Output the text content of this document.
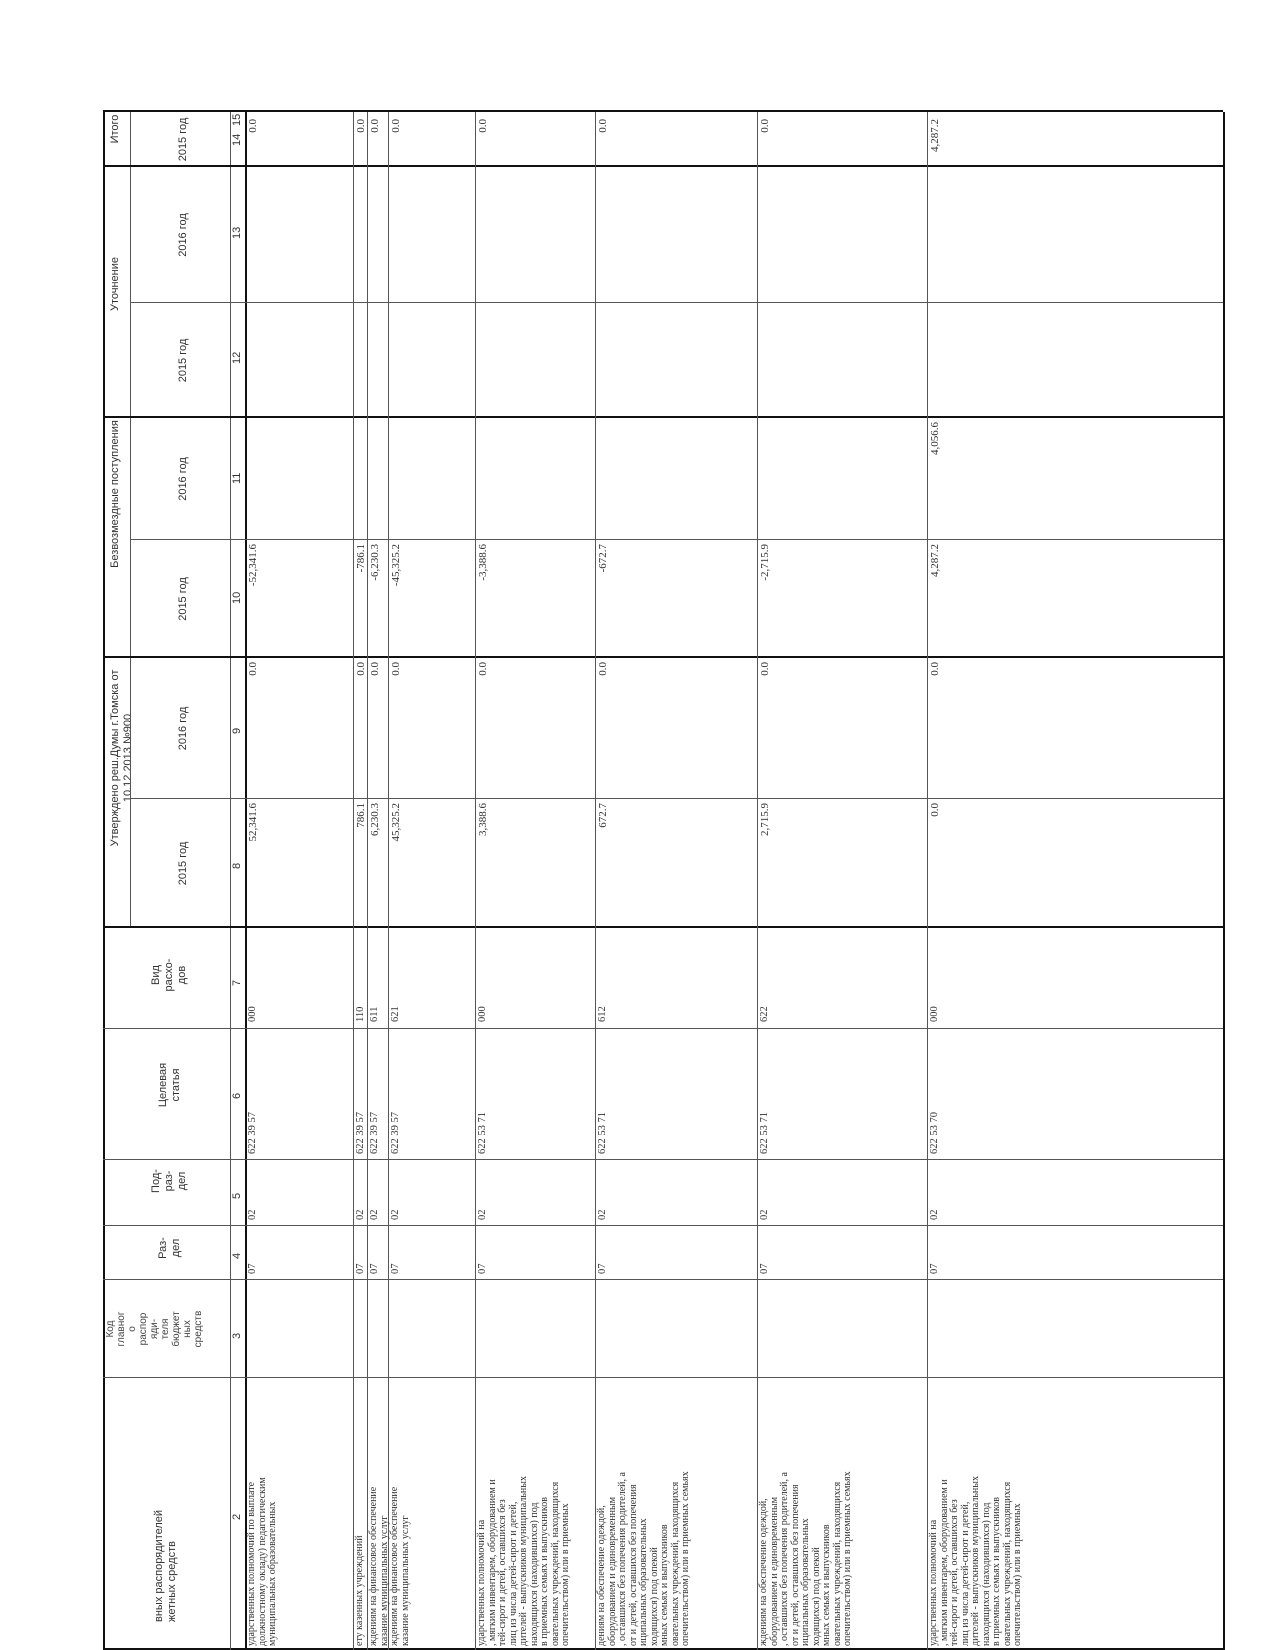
вных распорядителей
жетных средств
Код
главног
о
распор
яди-
теля
бюджет
ных
средств
Раз-
дел
Под-
раз-
дел
Целевая
статья
Вид
расхо-
дов
Утверждено реш.Думы г.Томска от
10.12.2013 №900
Безвозмездные поступления
Уточнение
Итого
2015 год
2016 год
2015 год
2016 год
2015 год
2016 год
2015 год
2
3
4
5
6
7
8
9
10
11
12
13
14
15
ударственных полномочий по выплате
должностному окладу) педагогическим
муниципальных образовательных
07
02
622 39 57
000
52,341.6
0.0
-52,341.6
0.0
ету казенных учреждений
07
02
622 39 57
110
786.1
0.0
-786.1
0.0
ждениям на финансовое обеспечение
казание муниципальных услуг
07
02
622 39 57
611
6,230.3
0.0
-6,230.3
0.0
ждениям на финансовое обеспечение
казание муниципальных услуг
07
02
622 39 57
621
45,325.2
0.0
-45,325.2
0.0
ударственных полномочий на
, мягким инвентарем, оборудованием и
тей-сирот и детей, оставшихся без
лиц из числа детей-сирот и детей,
дителей - выпускников муниципальных
находящихся (находившихся) под
в приемных семьях и выпускников
овательных учреждений, находящихся
опечительством) или в приемных
07
02
622 53 71
000
3,388.6
0.0
-3,388.6
0.0
дениям на обеспечение одеждой,
оборудованием и единовременным
, оставшихся без попечения родителей, а
от и детей, оставшихся без попечения
иципальных образовательных
ходящихся) под опекой
мных семьях и выпускников
овательных учреждений, находящихся
опечительством) или в приемных семьях
07
02
622 53 71
612
672.7
0.0
-672.7
0.0
ждениям на обеспечение одеждой,
оборудованием и единовременным
, оставшихся без попечения родителей, а
от и детей, оставшихся без попечения
иципальных образовательных
ходящихся) под опекой
мных семьях и выпускников
овательных учреждений, находящихся
опечительством) или в приемных семьях
07
02
622 53 71
622
2,715.9
0.0
-2,715.9
0.0
ударственных полномочий на
, мягким инвентарем, оборудованием и
тей-сирот и детей, оставшихся без
лиц из числа детей-сирот и детей,
дителей - выпускников муниципальных
находящихся (находившихся) под
в приемных семьях и выпускников
овательных учреждений, находящихся
опечительством) или в приемных
07
02
622 53 70
000
0.0
0.0
4,287.2
4,056.6
4,287.2
